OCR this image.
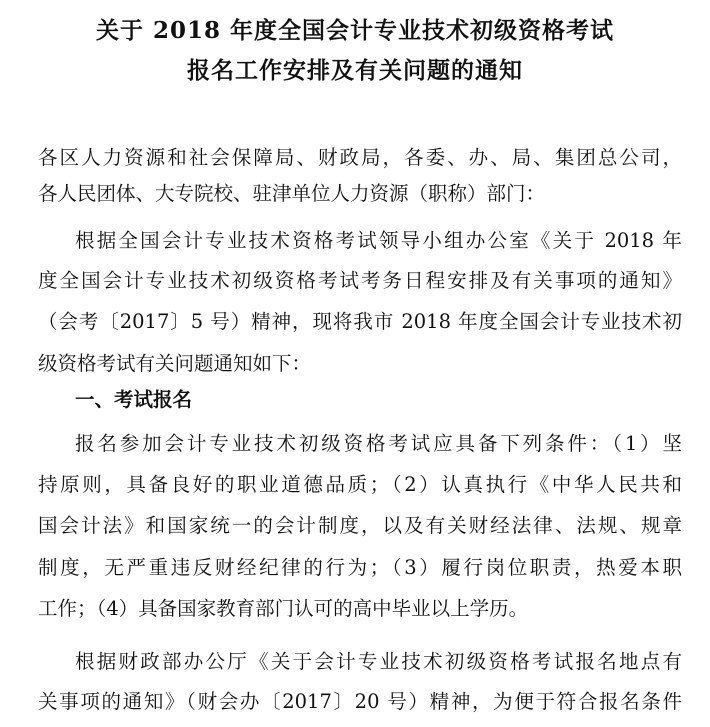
关于 2018 年度全国会计专业技术初级资格考试
报名工作安排及有关问题的通知
各区人力资源和社会保障局、财政局，各委、办、局、集团总公司，
各人民团体、大专院校、驻津单位人力资源（职称）部门：
根据全国会计专业技术资格考试领导小组办公室《关于 2018 年
度全国会计专业技术初级资格考试考务日程安排及有关事项的通知》
（会考〔2017〕5 号）精神，现将我市 2018 年度全国会计专业技术初
级资格考试有关问题通知如下：
一、考试报名
报名参加会计专业技术初级资格考试应具备下列条件：（1）坚
持原则，具备良好的职业道德品质；（2）认真执行《中华人民共和
国会计法》和国家统一的会计制度，以及有关财经法律、法规、规章
制度，无严重违反财经纪律的行为；（3）履行岗位职责，热爱本职
工作；（4）具备国家教育部门认可的高中毕业以上学历。
根据财政部办公厅《关于会计专业技术初级资格考试报名地点有
关事项的通知》（财会办〔2017〕20 号）精神，为便于符合报名条件
